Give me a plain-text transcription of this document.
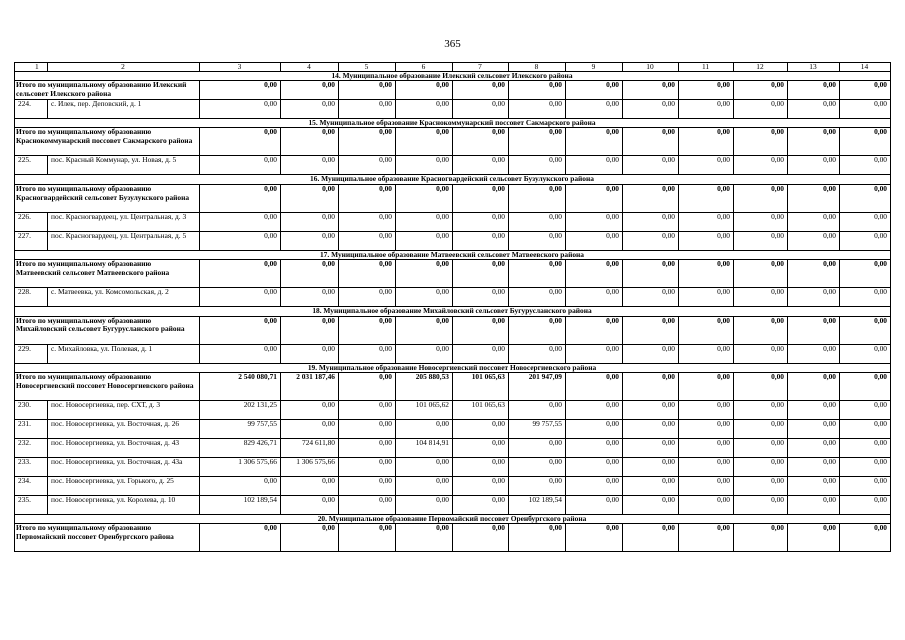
365
1	2	3	4	5	6	7	8	9	10	11	12	13	14
14. Муниципальное образование Илекский сельсовет Илекского района													
Итого по муниципальному образованию Илекский сельсовет Илекского района		0,00	0,00	0,00	0,00	0,00	0,00	0,00	0,00	0,00	0,00	0,00	0,00
224.	с. Илек, пер. Деповский, д. 1	0,00	0,00	0,00	0,00	0,00	0,00	0,00	0,00	0,00	0,00	0,00	0,00
15. Муниципальное образование Краснокоммунарский поссовет Сакмарского района													
Итого по муниципальному образованию Краснокоммунарский поссовет Сакмарского района		0,00	0,00	0,00	0,00	0,00	0,00	0,00	0,00	0,00	0,00	0,00	0,00
225.	пос. Красный Коммунар, ул. Новая, д. 5	0,00	0,00	0,00	0,00	0,00	0,00	0,00	0,00	0,00	0,00	0,00	0,00
16. Муниципальное образование Красногвардейский сельсовет Бузулукского района													
Итого по муниципальному образованию Красногвардейский сельсовет Бузулукского района		0,00	0,00	0,00	0,00	0,00	0,00	0,00	0,00	0,00	0,00	0,00	0,00
226.	пос. Красногвардеец, ул. Центральная, д. 3	0,00	0,00	0,00	0,00	0,00	0,00	0,00	0,00	0,00	0,00	0,00	0,00
227.	пос. Красногвардеец, ул. Центральная, д. 5	0,00	0,00	0,00	0,00	0,00	0,00	0,00	0,00	0,00	0,00	0,00	0,00
17. Муниципальное образование Матвеевский сельсовет Матвеевского района													
Итого по муниципальному образованию Матвеевский сельсовет Матвеевского района		0,00	0,00	0,00	0,00	0,00	0,00	0,00	0,00	0,00	0,00	0,00	0,00
228.	с. Матвеевка, ул. Комсомольская, д. 2	0,00	0,00	0,00	0,00	0,00	0,00	0,00	0,00	0,00	0,00	0,00	0,00
18. Муниципальное образование Михайловский сельсовет Бугурусланского района													
Итого по муниципальному образованию Михайловский сельсовет Бугурусланского района		0,00	0,00	0,00	0,00	0,00	0,00	0,00	0,00	0,00	0,00	0,00	0,00
229.	с. Михайловка, ул. Полевая, д. 1	0,00	0,00	0,00	0,00	0,00	0,00	0,00	0,00	0,00	0,00	0,00	0,00
19. Муниципальное образование Новосергиевский поссовет Новосергиевского района													
Итого по муниципальному образованию Новосергиевский поссовет Новосергиевского района		2 540 080,71	2 031 187,46	0,00	205 880,53	101 065,63	201 947,09	0,00	0,00	0,00	0,00	0,00	0,00
230.	пос. Новосергиевка, пер. СХТ, д. 3	202 131,25	0,00	0,00	101 065,62	101 065,63	0,00	0,00	0,00	0,00	0,00	0,00	0,00
231.	пос. Новосергиевка, ул. Восточная, д. 26	99 757,55	0,00	0,00	0,00	0,00	99 757,55	0,00	0,00	0,00	0,00	0,00	0,00
232.	пос. Новосергиевка, ул. Восточная, д. 43	829 426,71	724 611,80	0,00	104 814,91	0,00	0,00	0,00	0,00	0,00	0,00	0,00	0,00
233.	пос. Новосергиевка, ул. Восточная, д. 43а	1 306 575,66	1 306 575,66	0,00	0,00	0,00	0,00	0,00	0,00	0,00	0,00	0,00	0,00
234.	пос. Новосергиевка, ул. Горького, д. 25	0,00	0,00	0,00	0,00	0,00	0,00	0,00	0,00	0,00	0,00	0,00	0,00
235.	пос. Новосергиевка, ул. Королева, д. 10	102 189,54	0,00	0,00	0,00	0,00	102 189,54	0,00	0,00	0,00	0,00	0,00	0,00
20. Муниципальное образование Первомайский поссовет Оренбургского района													
Итого по муниципальному образованию Первомайский поссовет Оренбургского района		0,00	0,00	0,00	0,00	0,00	0,00	0,00	0,00	0,00	0,00	0,00	0,00
